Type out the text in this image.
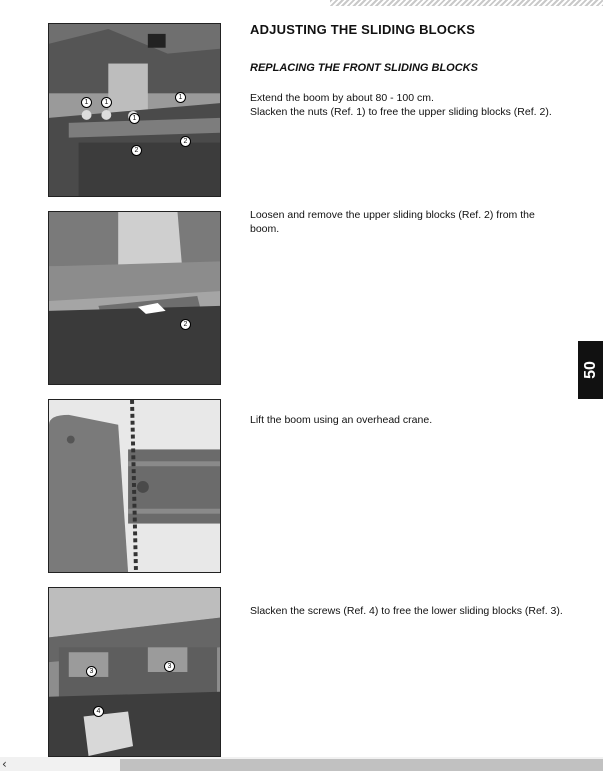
ADJUSTING THE SLIDING BLOCKS
REPLACING THE FRONT SLIDING BLOCKS
1	1
1
1
2
2
Extend the boom by about 80 - 100 cm.
Slacken the nuts (Ref. 1) to free the upper sliding blocks (Ref. 2).
2
Loosen and remove the upper sliding blocks (Ref. 2) from the
boom.
Lift the boom using an overhead crane.
3
3
4
Slacken the screws (Ref. 4) to free the lower sliding blocks (Ref. 3).
50
‹
